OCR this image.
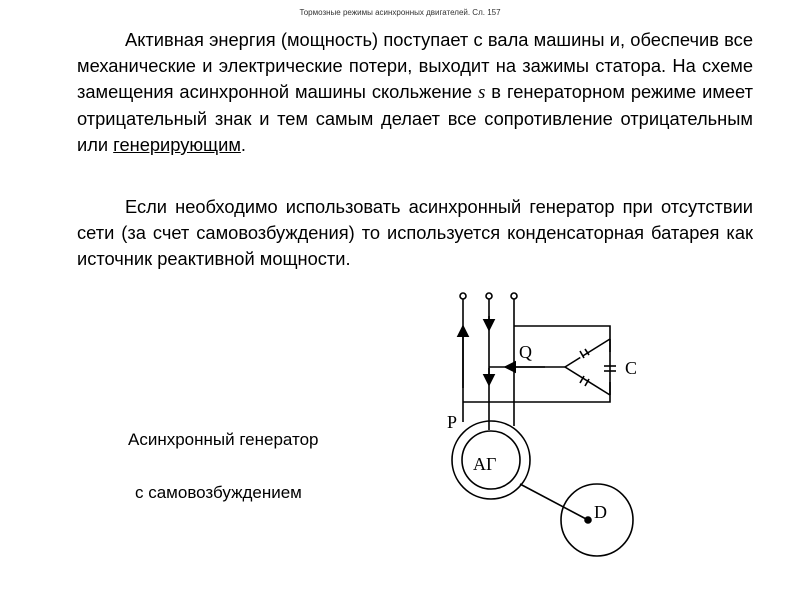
Тормозные режимы асинхронных двигателей. Сл. 157

Активная энергия (мощность) поступает с вала машины и, обеспечив все механические и электрические потери, выходит на зажимы статора. На схеме замещения асинхронной машины скольжение s в генераторном режиме имеет отрицательный знак и тем самым делает все сопротивление отрицательным или генерирующим.

Если необходимо использовать асинхронный генератор при отсутствии сети (за счет самовозбуждения) то используется конденсаторная батарея как источник реактивной мощности.

Асинхронный генератор
с самовозбуждением
Q
C
P
АГ
D
